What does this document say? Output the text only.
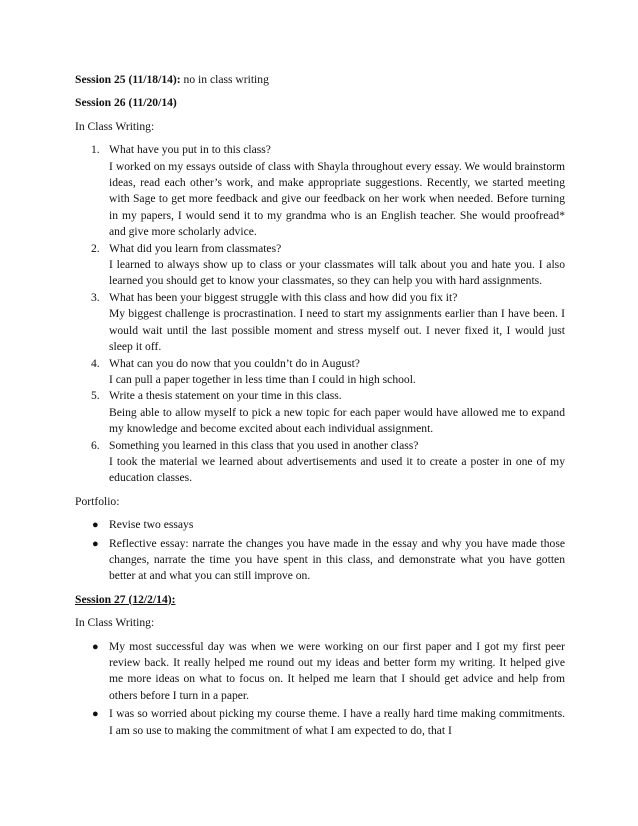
Session 25 (11/18/14): no in class writing

Session 26 (11/20/14)

In Class Writing:

1. What have you put in to this class?
I worked on my essays outside of class with Shayla throughout every essay. We would brainstorm ideas, read each other’s work, and make appropriate suggestions. Recently, we started meeting with Sage to get more feedback and give our feedback on her work when needed. Before turning in my papers, I would send it to my grandma who is an English teacher. She would proofread* and give more scholarly advice.
2. What did you learn from classmates?
I learned to always show up to class or your classmates will talk about you and hate you. I also learned you should get to know your classmates, so they can help you with hard assignments.
3. What has been your biggest struggle with this class and how did you fix it?
My biggest challenge is procrastination. I need to start my assignments earlier than I have been. I would wait until the last possible moment and stress myself out. I never fixed it, I would just sleep it off.
4. What can you do now that you couldn’t do in August?
I can pull a paper together in less time than I could in high school.
5. Write a thesis statement on your time in this class.
Being able to allow myself to pick a new topic for each paper would have allowed me to expand my knowledge and become excited about each individual assignment.
6. Something you learned in this class that you used in another class?
I took the material we learned about advertisements and used it to create a poster in one of my education classes.

Portfolio:

● Revise two essays
● Reflective essay: narrate the changes you have made in the essay and why you have made those changes, narrate the time you have spent in this class, and demonstrate what you have gotten better at and what you can still improve on.

Session 27 (12/2/14):

In Class Writing:

● My most successful day was when we were working on our first paper and I got my first peer review back. It really helped me round out my ideas and better form my writing. It helped give me more ideas on what to focus on. It helped me learn that I should get advice and help from others before I turn in a paper.
● I was so worried about picking my course theme. I have a really hard time making commitments. I am so use to making the commitment of what I am expected to do, that I
